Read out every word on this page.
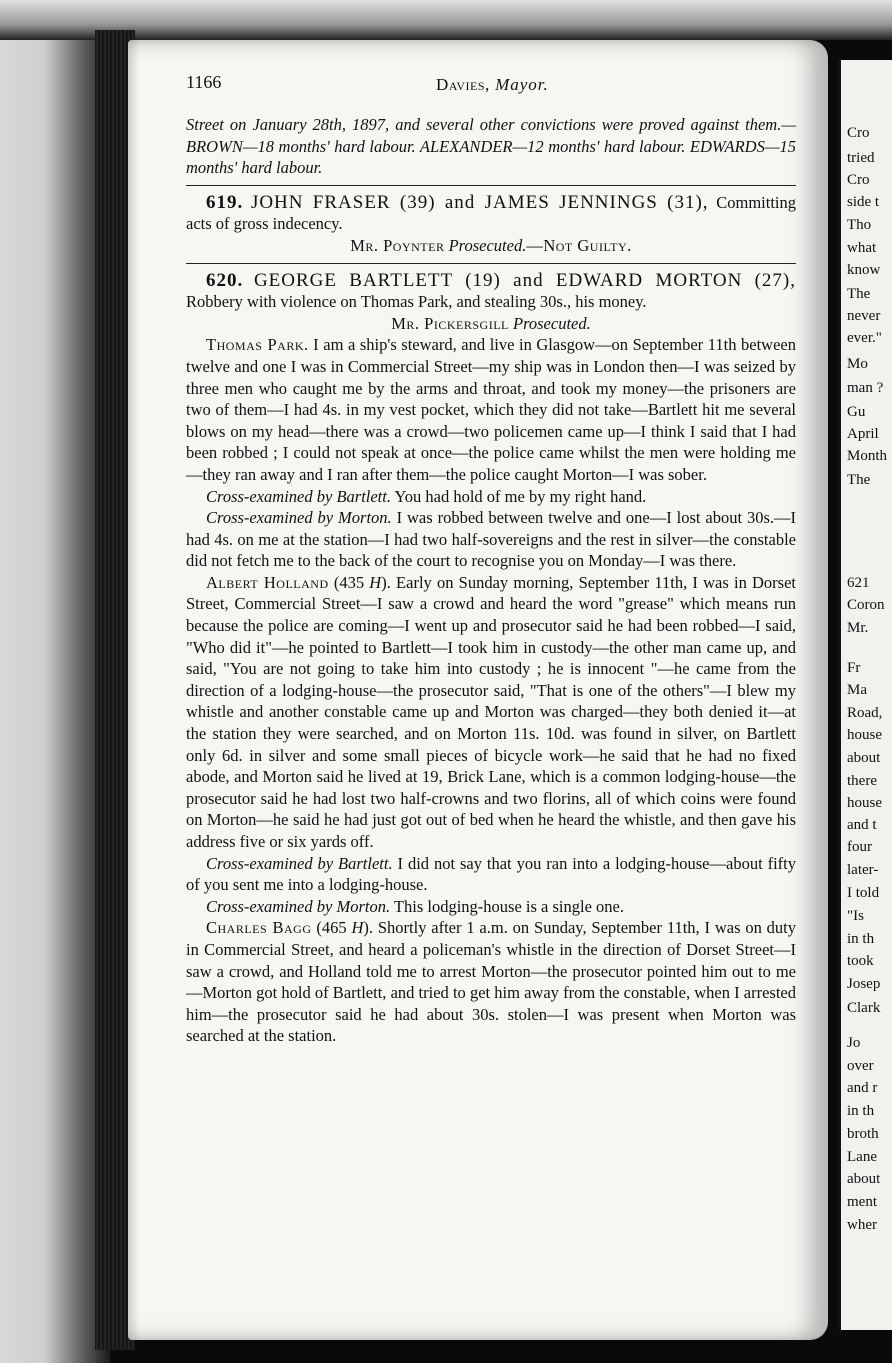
Cro
tried
Cro
side t
Tho
what
know
The
never
ever."
Mo
man ?
Gu
April
Month
The
621
Coron
Mr.
Fr
Ma
Road,
house
about
there
house
and t
four
later-
I told
"Is
in th
took
Josep
Clark
Jo
over
and r
in th
broth
Lane
about
ment
wher
1166	Davies, Mayor.

Street on January 28th, 1897, and several other convictions were proved against them.—BROWN—18 months' hard labour. ALEXANDER—12 months' hard labour. EDWARDS—15 months' hard labour.

619. JOHN FRASER (39) and JAMES JENNINGS (31), Committing acts of gross indecency.

Mr. Poynter Prosecuted.—Not Guilty.

620. GEORGE BARTLETT (19) and EDWARD MORTON (27), Robbery with violence on Thomas Park, and stealing 30s., his money.

Mr. Pickersgill Prosecuted.

Thomas Park. I am a ship's steward, and live in Glasgow—on September 11th between twelve and one I was in Commercial Street—my ship was in London then—I was seized by three men who caught me by the arms and throat, and took my money—the prisoners are two of them—I had 4s. in my vest pocket, which they did not take—Bartlett hit me several blows on my head—there was a crowd—two policemen came up—I think I said that I had been robbed ; I could not speak at once—the police came whilst the men were holding me—they ran away and I ran after them—the police caught Morton—I was sober.

Cross-examined by Bartlett. You had hold of me by my right hand.

Cross-examined by Morton. I was robbed between twelve and one—I lost about 30s.—I had 4s. on me at the station—I had two half-sovereigns and the rest in silver—the constable did not fetch me to the back of the court to recognise you on Monday—I was there.

Albert Holland (435 H). Early on Sunday morning, September 11th, I was in Dorset Street, Commercial Street—I saw a crowd and heard the word "grease" which means run because the police are coming—I went up and prosecutor said he had been robbed—I said, "Who did it"—he pointed to Bartlett—I took him in custody—the other man came up, and said, "You are not going to take him into custody ; he is innocent "—he came from the direction of a lodging-house—the prosecutor said, "That is one of the others"—I blew my whistle and another constable came up and Morton was charged—they both denied it—at the station they were searched, and on Morton 11s. 10d. was found in silver, on Bartlett only 6d. in silver and some small pieces of bicycle work—he said that he had no fixed abode, and Morton said he lived at 19, Brick Lane, which is a common lodging-house—the prosecutor said he had lost two half-crowns and two florins, all of which coins were found on Morton—he said he had just got out of bed when he heard the whistle, and then gave his address five or six yards off.

Cross-examined by Bartlett. I did not say that you ran into a lodging-house—about fifty of you sent me into a lodging-house.

Cross-examined by Morton. This lodging-house is a single one.

Charles Bagg (465 H). Shortly after 1 a.m. on Sunday, September 11th, I was on duty in Commercial Street, and heard a policeman's whistle in the direction of Dorset Street—I saw a crowd, and Holland told me to arrest Morton—the prosecutor pointed him out to me—Morton got hold of Bartlett, and tried to get him away from the constable, when I arrested him—the prosecutor said he had about 30s. stolen—I was present when Morton was searched at the station.
